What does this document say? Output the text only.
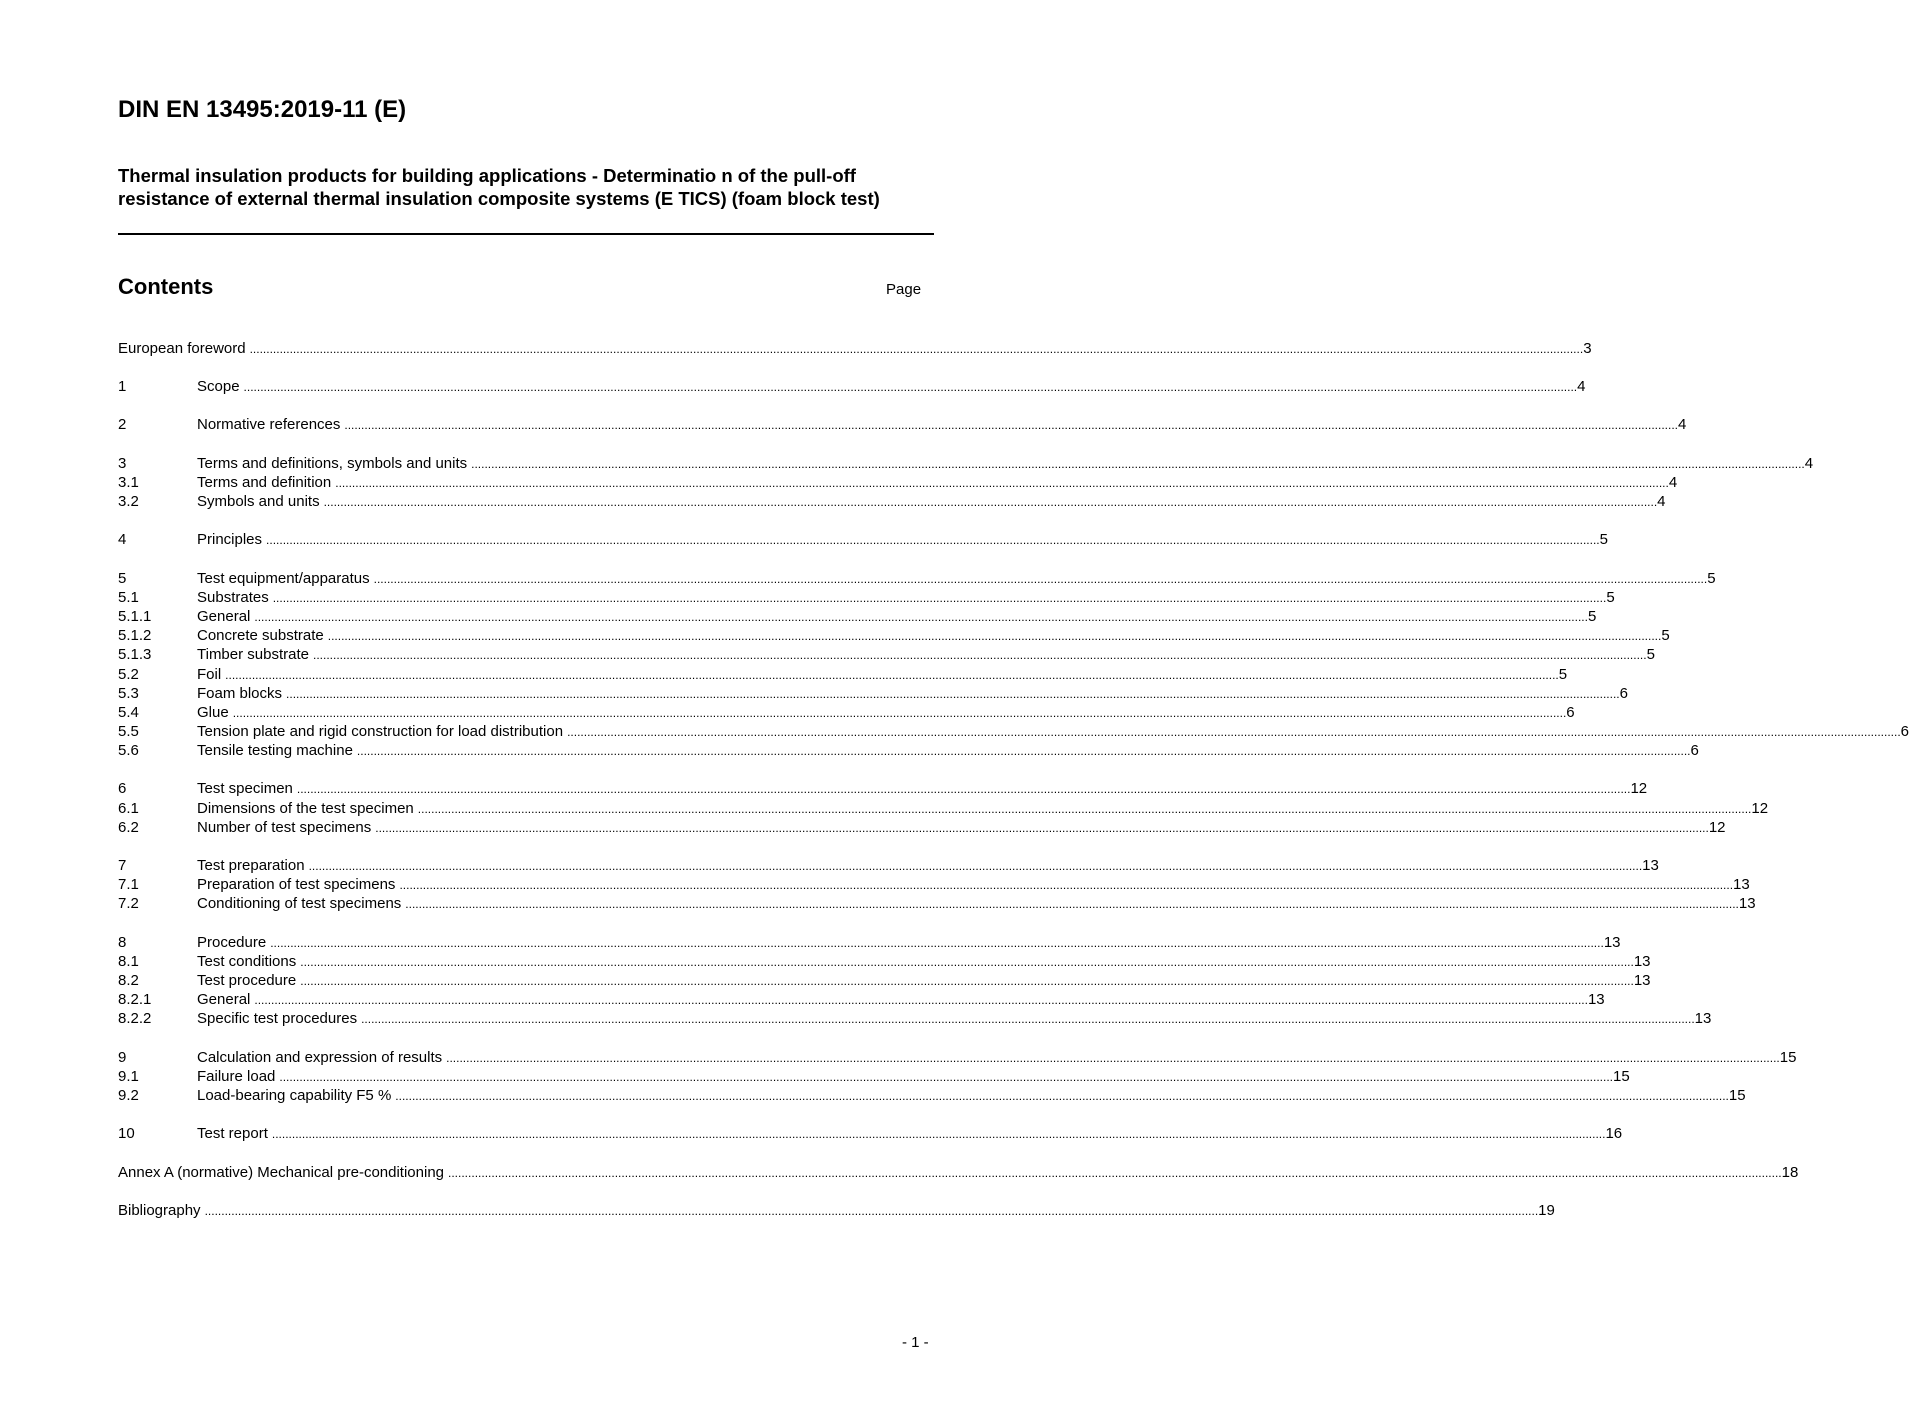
DIN EN 13495:2019-11 (E)

Thermal insulation products for building applications - Determinatio n of the pull-off resistance of external thermal insulation composite systems (E TICS) (foam block test)

Contents	Page
European foreword ................................................................................................................................................................................................................................................................................................................................................................................................................ 3
1	Scope ................................................................................................................................................................................................................................................................................................................................................................................................................ 4
2	Normative references ................................................................................................................................................................................................................................................................................................................................................................................................................ 4
3	Terms and definitions, symbols and units ................................................................................................................................................................................................................................................................................................................................................................................................................ 4
3.1	Terms and definition ................................................................................................................................................................................................................................................................................................................................................................................................................ 4
3.2	Symbols and units ................................................................................................................................................................................................................................................................................................................................................................................................................ 4
4	Principles ................................................................................................................................................................................................................................................................................................................................................................................................................ 5
5	Test equipment/apparatus ................................................................................................................................................................................................................................................................................................................................................................................................................ 5
5.1	Substrates ................................................................................................................................................................................................................................................................................................................................................................................................................ 5
5.1.1	General ................................................................................................................................................................................................................................................................................................................................................................................................................ 5
5.1.2	Concrete substrate ................................................................................................................................................................................................................................................................................................................................................................................................................ 5
5.1.3	Timber substrate ................................................................................................................................................................................................................................................................................................................................................................................................................ 5
5.2	Foil ................................................................................................................................................................................................................................................................................................................................................................................................................ 5
5.3	Foam blocks ................................................................................................................................................................................................................................................................................................................................................................................................................ 6
5.4	Glue ................................................................................................................................................................................................................................................................................................................................................................................................................ 6
5.5	Tension plate and rigid construction for load distribution ................................................................................................................................................................................................................................................................................................................................................................................................................ 6
5.6	Tensile testing machine ................................................................................................................................................................................................................................................................................................................................................................................................................ 6
6	Test specimen ................................................................................................................................................................................................................................................................................................................................................................................................................ 12
6.1	Dimensions of the test specimen ................................................................................................................................................................................................................................................................................................................................................................................................................ 12
6.2	Number of test specimens ................................................................................................................................................................................................................................................................................................................................................................................................................ 12
7	Test preparation ................................................................................................................................................................................................................................................................................................................................................................................................................ 13
7.1	Preparation of test specimens ................................................................................................................................................................................................................................................................................................................................................................................................................ 13
7.2	Conditioning of test specimens ................................................................................................................................................................................................................................................................................................................................................................................................................ 13
8	Procedure ................................................................................................................................................................................................................................................................................................................................................................................................................ 13
8.1	Test conditions ................................................................................................................................................................................................................................................................................................................................................................................................................ 13
8.2	Test procedure ................................................................................................................................................................................................................................................................................................................................................................................................................ 13
8.2.1	General ................................................................................................................................................................................................................................................................................................................................................................................................................ 13
8.2.2	Specific test procedures ................................................................................................................................................................................................................................................................................................................................................................................................................ 13
9	Calculation and expression of results ................................................................................................................................................................................................................................................................................................................................................................................................................ 15
9.1	Failure load ................................................................................................................................................................................................................................................................................................................................................................................................................ 15
9.2	Load-bearing capability F5 % ................................................................................................................................................................................................................................................................................................................................................................................................................ 15
10	Test report ................................................................................................................................................................................................................................................................................................................................................................................................................ 16
Annex A (normative) Mechanical pre-conditioning ................................................................................................................................................................................................................................................................................................................................................................................................................ 18
Bibliography ................................................................................................................................................................................................................................................................................................................................................................................................................ 19
- 1 -
